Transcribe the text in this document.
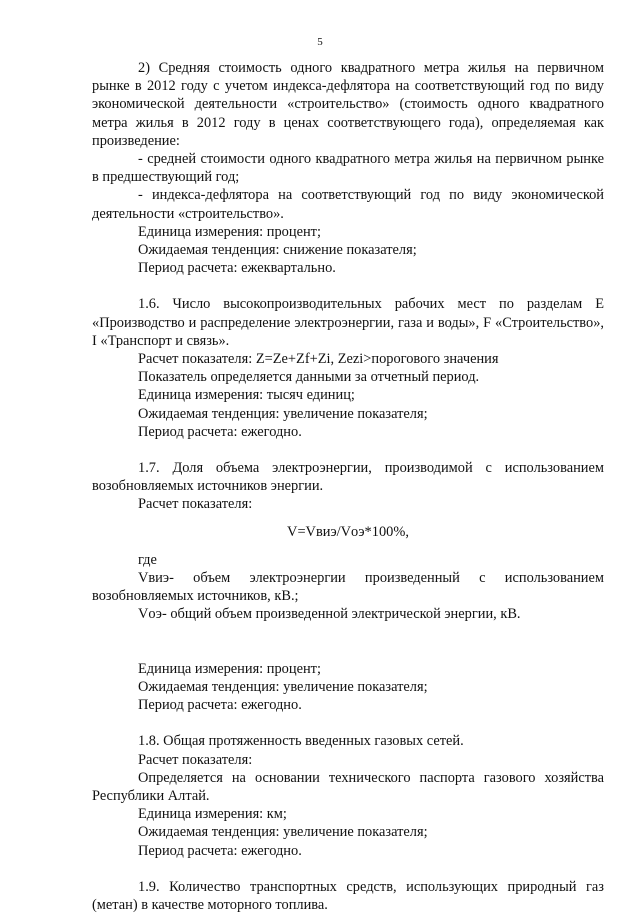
5

2) Средняя стоимость одного квадратного метра жилья на первичном рынке в 2012 году с учетом индекса-дефлятора на соответствующий год по виду экономической деятельности «строительство» (стоимость одного квадратного метра жилья в 2012 году в ценах соответствующего года), определяемая как произведение:

- средней стоимости одного квадратного метра жилья на первичном рынке в предшествующий год;

- индекса-дефлятора на соответствующий год по виду экономической деятельности «строительство».

Единица измерения: процент;

Ожидаемая тенденция: снижение показателя;

Период расчета: ежеквартально.

1.6. Число высокопроизводительных рабочих мест по разделам E «Производство и распределение электроэнергии, газа и воды», F «Строительство», I «Транспорт и связь».

Расчет показателя: Z=Ze+Zf+Zi, Zezi>порогового значения

Показатель определяется данными за отчетный период.

Единица измерения: тысяч единиц;

Ожидаемая тенденция: увеличение показателя;

Период расчета: ежегодно.

1.7. Доля объема электроэнергии, производимой с использованием возобновляемых источников энергии.

Расчет показателя:

V=Vвиэ/Vоэ*100%,

где

Vвиэ- объем электроэнергии произведенный с использованием возобновляемых источников, кВ.;

Vоэ- общий объем произведенной электрической энергии, кВ.

Единица измерения: процент;

Ожидаемая тенденция: увеличение показателя;

Период расчета: ежегодно.

1.8. Общая протяженность введенных газовых сетей.

Расчет показателя:

Определяется на основании технического паспорта газового хозяйства Республики Алтай.

Единица измерения: км;

Ожидаемая тенденция: увеличение показателя;

Период расчета: ежегодно.

1.9. Количество транспортных средств, использующих природный газ (метан) в качестве моторного топлива.
